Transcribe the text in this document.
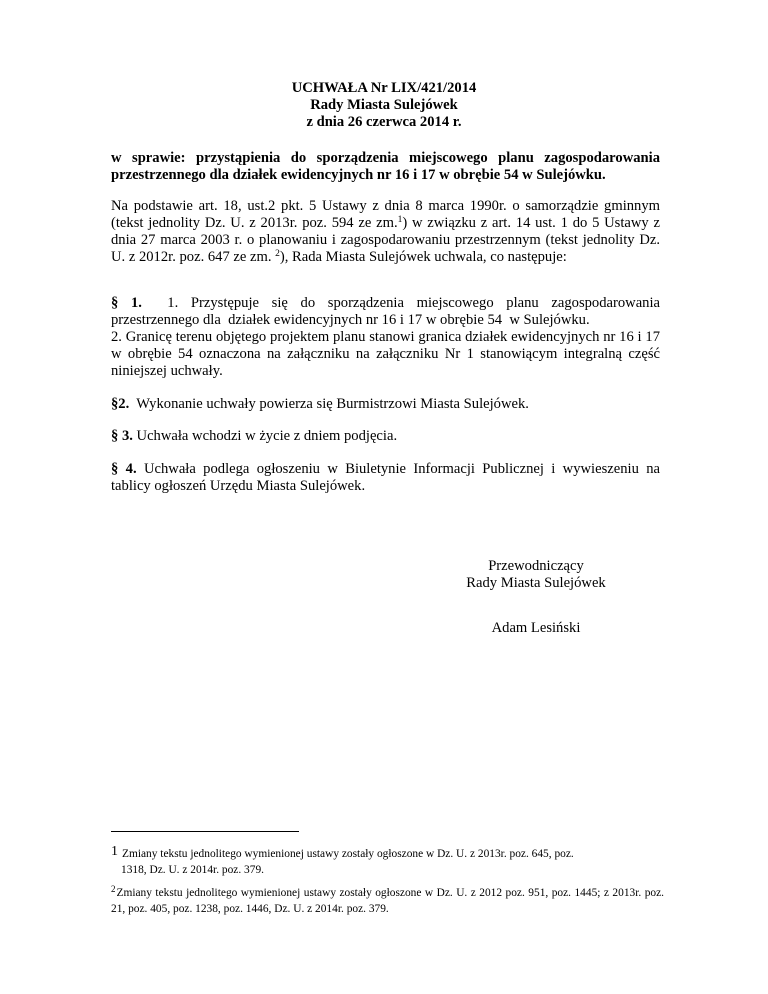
UCHWAŁA Nr LIX/421/2014
Rady Miasta Sulejówek
z dnia 26 czerwca 2014 r.
w sprawie: przystąpienia do sporządzenia miejscowego planu zagospodarowania przestrzennego dla działek ewidencyjnych nr 16 i 17 w obrębie 54 w Sulejówku.
Na podstawie art. 18, ust.2 pkt. 5 Ustawy z dnia 8 marca 1990r. o samorządzie gminnym (tekst jednolity Dz. U. z 2013r. poz. 594 ze zm.$^1$) w związku z art. 14 ust. 1 do 5 Ustawy z dnia 27 marca 2003 r. o planowaniu i zagospodarowaniu przestrzennym (tekst jednolity Dz. U. z 2012r. poz. 647 ze zm. $^2$), Rada Miasta Sulejówek uchwala, co następuje:
§ 1.  1. Przystępuje się do sporządzenia miejscowego planu zagospodarowania przestrzennego dla  działek ewidencyjnych nr 16 i 17 w obrębie 54  w Sulejówku.
2. Granicę terenu objętego projektem planu stanowi granica działek ewidencyjnych nr 16 i 17 w obrębie 54 oznaczona na załączniku na załączniku Nr 1 stanowiącym integralną część niniejszej uchwały.
§2.  Wykonanie uchwały powierza się Burmistrzowi Miasta Sulejówek.
§ 3. Uchwała wchodzi w życie z dniem podjęcia.
§ 4. Uchwała podlega ogłoszeniu w Biuletynie Informacji Publicznej i wywieszeniu na tablicy ogłoszeń Urzędu Miasta Sulejówek.
Przewodniczący
Rady Miasta Sulejówek
Adam Lesiński
1 Zmiany tekstu jednolitego wymienionej ustawy zostały ogłoszone w Dz. U. z 2013r. poz. 645, poz.
1318, Dz. U. z 2014r. poz. 379.
$^2$Zmiany tekstu jednolitego wymienionej ustawy zostały ogłoszone w Dz. U. z 2012 poz. 951, poz. 1445; z 2013r. poz. 21, poz. 405, poz. 1238, poz. 1446, Dz. U. z 2014r. poz. 379.
